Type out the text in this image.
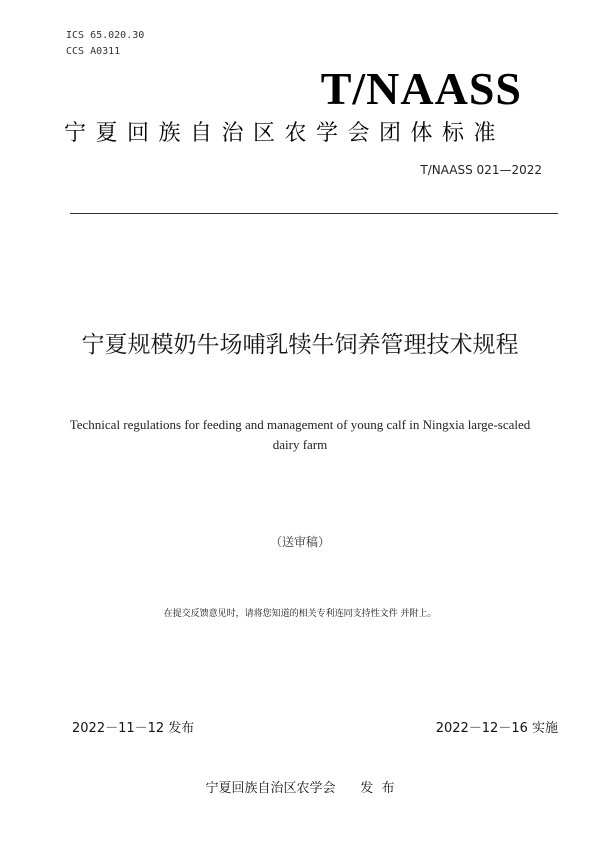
ICS 65.020.30
CCS A0311
T/NAASS
宁夏回族自治区农学会团体标准
T/NAASS 021—2022
宁夏规模奶牛场哺乳犊牛饲养管理技术规程
Technical regulations for feeding and management of young calf in Ningxia large-scaled dairy farm
（送审稿）
在提交反馈意见时，请将您知道的相关专利连同支持性文件 并附上。
2022－11－12 发布	2022－12－16 实施
宁夏回族自治区农学会      发  布
